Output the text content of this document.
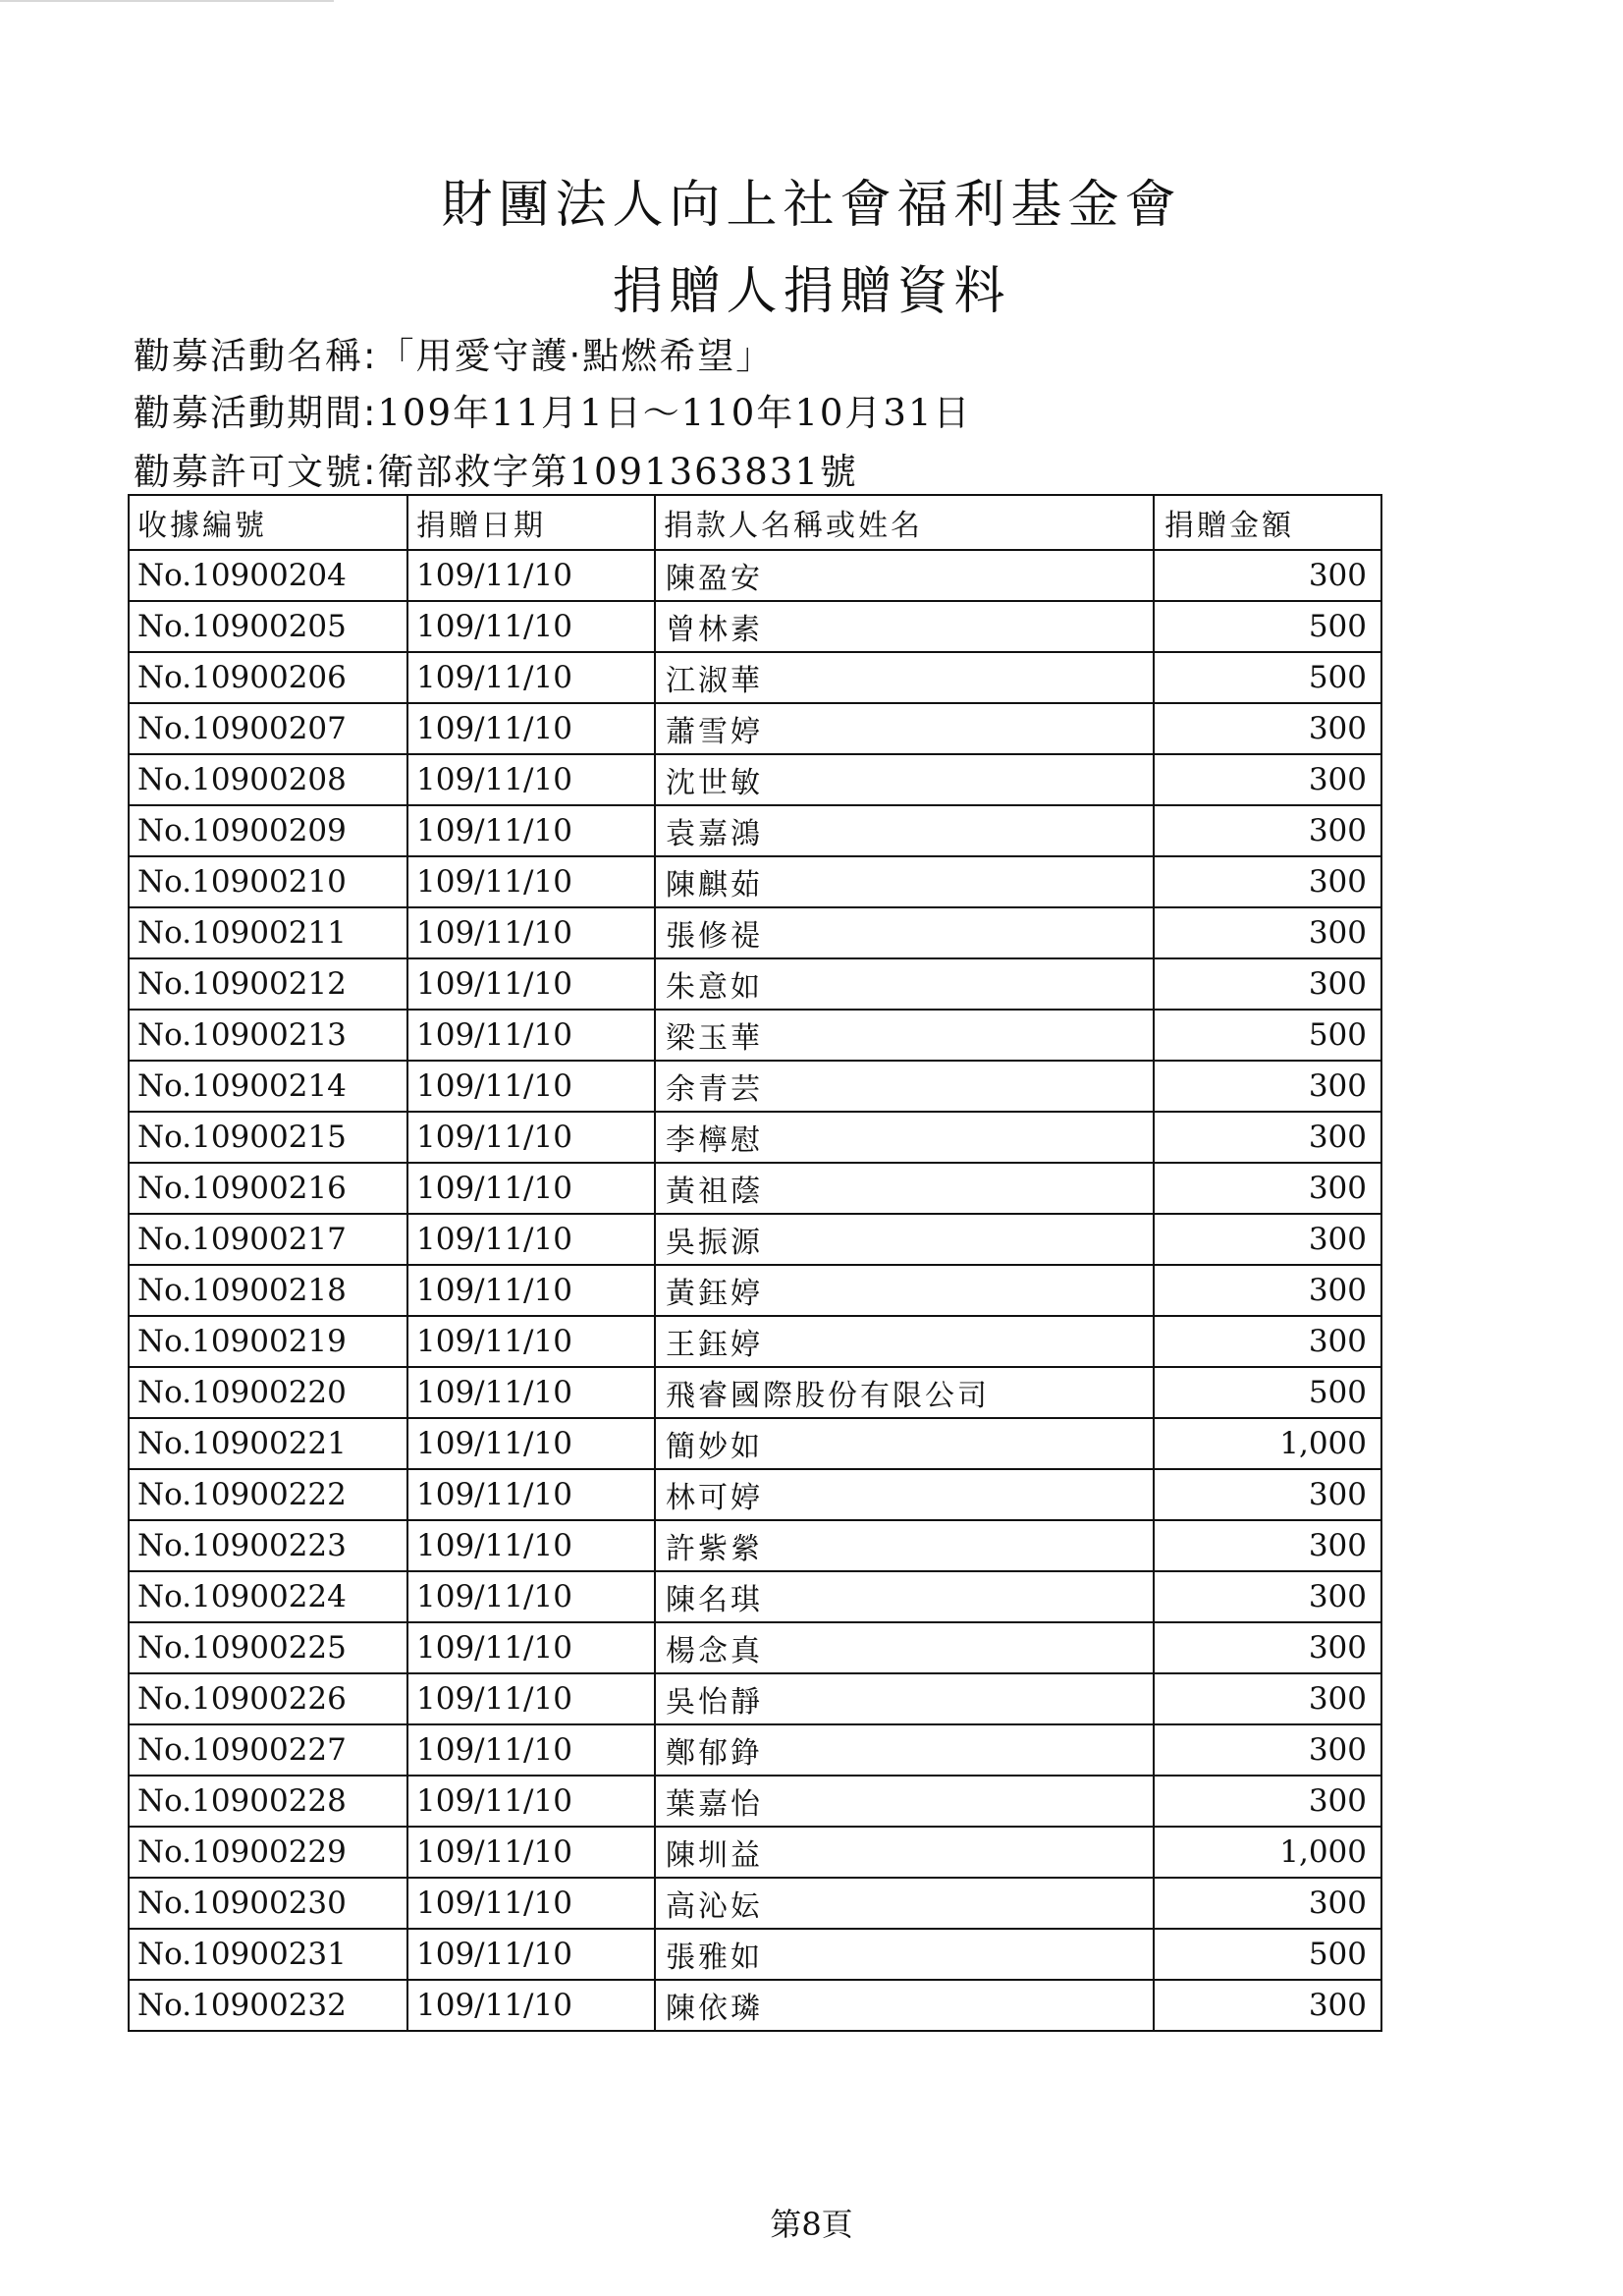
財團法人向上社會福利基金會
捐贈人捐贈資料
勸募活動名稱:「用愛守護‧點燃希望」
勸募活動期間:109年11月1日～110年10月31日
勸募許可文號:衛部救字第1091363831號
收據編號	捐贈日期	捐款人名稱或姓名	捐贈金額
No.10900204	109/11/10	陳盈安	300
No.10900205	109/11/10	曾林素	500
No.10900206	109/11/10	江淑華	500
No.10900207	109/11/10	蕭雪婷	300
No.10900208	109/11/10	沈世敏	300
No.10900209	109/11/10	袁嘉鴻	300
No.10900210	109/11/10	陳麒茹	300
No.10900211	109/11/10	張修禔	300
No.10900212	109/11/10	朱意如	300
No.10900213	109/11/10	梁玉華	500
No.10900214	109/11/10	余青芸	300
No.10900215	109/11/10	李檸慰	300
No.10900216	109/11/10	黃祖蔭	300
No.10900217	109/11/10	吳振源	300
No.10900218	109/11/10	黃鈺婷	300
No.10900219	109/11/10	王鈺婷	300
No.10900220	109/11/10	飛睿國際股份有限公司	500
No.10900221	109/11/10	簡妙如	1,000
No.10900222	109/11/10	林可婷	300
No.10900223	109/11/10	許紫縈	300
No.10900224	109/11/10	陳名琪	300
No.10900225	109/11/10	楊念真	300
No.10900226	109/11/10	吳怡靜	300
No.10900227	109/11/10	鄭郁錚	300
No.10900228	109/11/10	葉嘉怡	300
No.10900229	109/11/10	陳圳益	1,000
No.10900230	109/11/10	高沁妘	300
No.10900231	109/11/10	張雅如	500
No.10900232	109/11/10	陳依璘	300
第8頁
